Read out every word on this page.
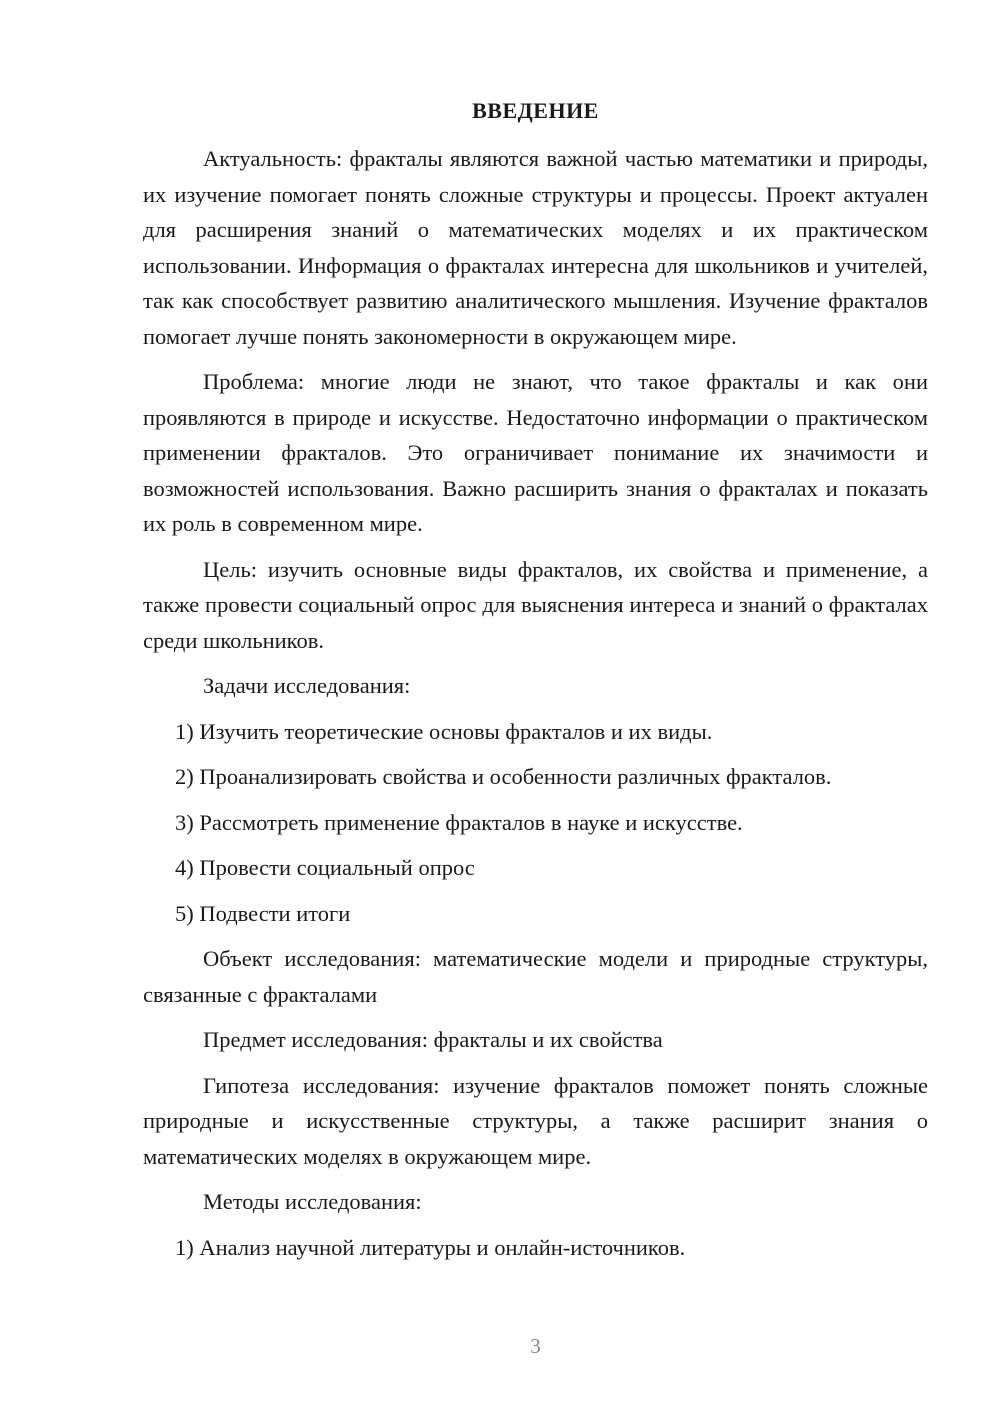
ВВЕДЕНИЕ

Актуальность: фракталы являются важной частью математики и природы, их изучение помогает понять сложные структуры и процессы. Проект актуален для расширения знаний о математических моделях и их практическом использовании. Информация о фракталах интересна для школьников и учителей, так как способствует развитию аналитического мышления. Изучение фракталов помогает лучше понять закономерности в окружающем мире.

Проблема: многие люди не знают, что такое фракталы и как они проявляются в природе и искусстве. Недостаточно информации о практическом применении фракталов. Это ограничивает понимание их значимости и возможностей использования. Важно расширить знания о фракталах и показать их роль в современном мире.

Цель: изучить основные виды фракталов, их свойства и применение, а также провести социальный опрос для выяснения интереса и знаний о фракталах среди школьников.

Задачи исследования:

1) Изучить теоретические основы фракталов и их виды.

2) Проанализировать свойства и особенности различных фракталов.

3) Рассмотреть применение фракталов в науке и искусстве.

4) Провести социальный опрос

5) Подвести итоги

Объект исследования: математические модели и природные структуры, связанные с фракталами

Предмет исследования: фракталы и их свойства

Гипотеза исследования: изучение фракталов поможет понять сложные природные и искусственные структуры, а также расширит знания о математических моделях в окружающем мире.

Методы исследования:

1) Анализ научной литературы и онлайн-источников.

3
